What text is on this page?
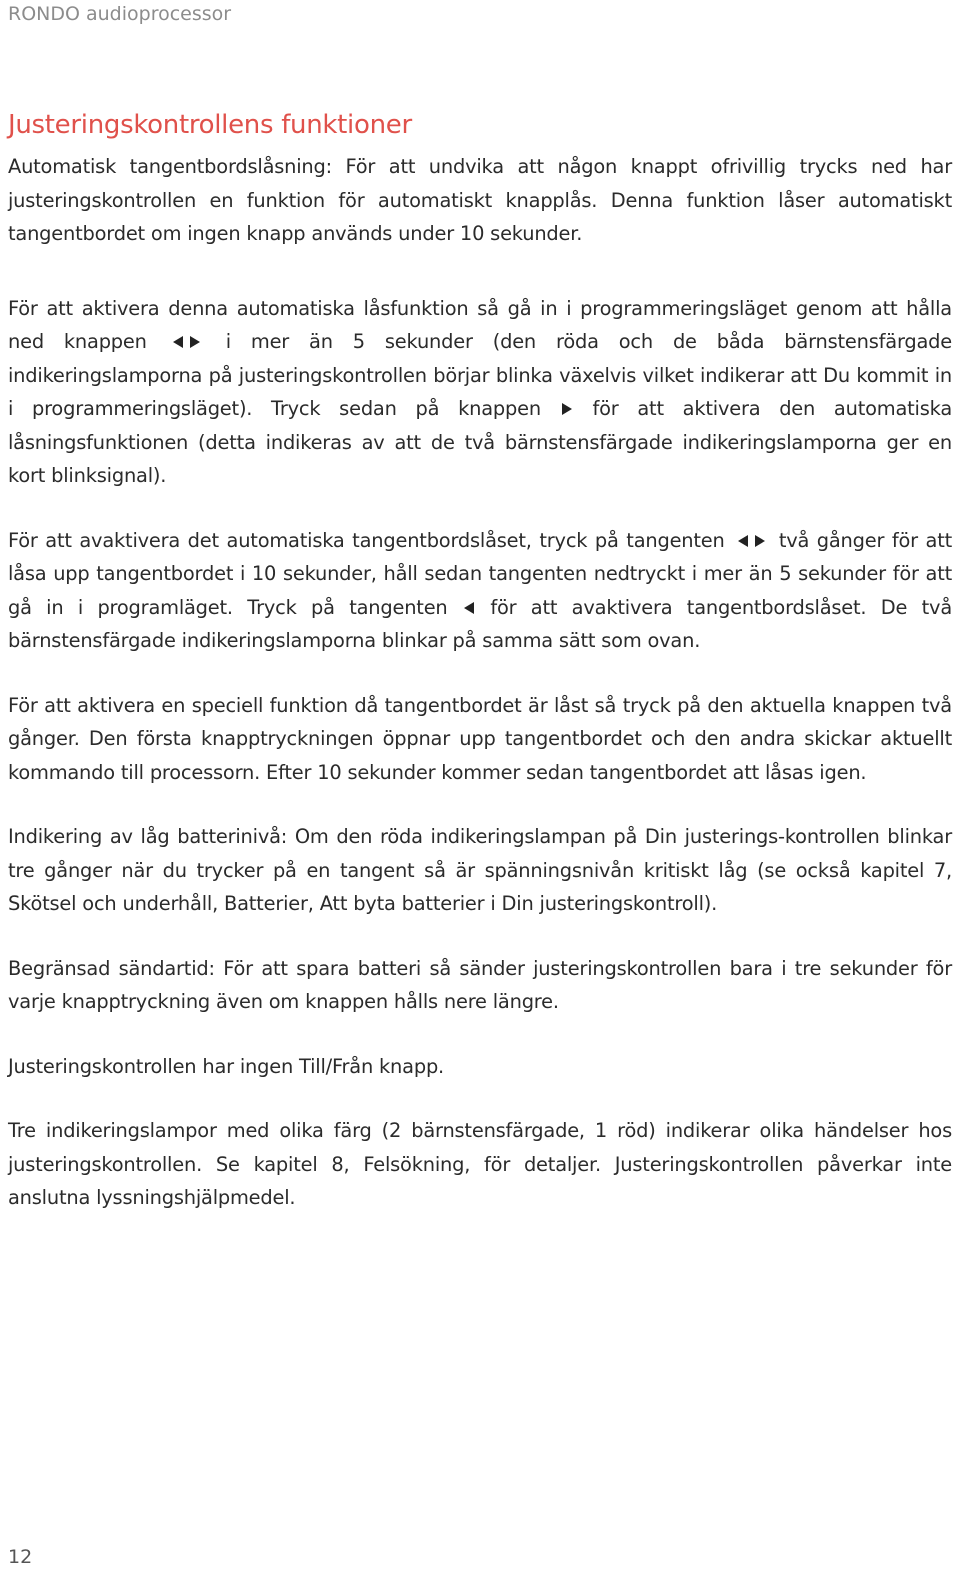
RONDO audioprocessor
Justeringskontrollens funktioner

Automatisk tangentbordslåsning: För att undvika att någon knappt ofrivillig trycks ned har justeringskontrollen en funktion för automatiskt knapplås. Denna funktion låser automatiskt tangentbordet om ingen knapp används under 10 sekunder.

För att aktivera denna automatiska låsfunktion så gå in i programmeringsläget genom att hålla ned knappen	i mer än 5 sekunder (den röda och de båda bärnstensfärgade indikeringslamporna på justeringskontrollen börjar blinka växelvis vilket indikerar att Du kommit in i programmeringsläget). Tryck sedan på knappen	för att aktivera den automatiska låsningsfunktionen (detta indikeras av att de två bärnstensfärgade indikeringslamporna ger en kort blinksignal).

För att avaktivera det automatiska tangentbordslåset, tryck på tangenten	två gånger för att låsa upp tangentbordet i 10 sekunder, håll sedan tangenten nedtryckt i mer än 5 sekunder för att gå in i programläget. Tryck på tangenten för att avaktivera tangentbordslåset. De två bärnstensfärgade indikeringslamporna blinkar på samma sätt som ovan.

För att aktivera en speciell funktion då tangentbordet är låst så tryck på den aktuella knappen två gånger. Den första knapptryckningen öppnar upp tangentbordet och den andra skickar aktuellt kommando till processorn. Efter 10 sekunder kommer sedan tangentbordet att låsas igen.

Indikering av låg batterinivå: Om den röda indikeringslampan på Din justerings-kontrollen blinkar tre gånger när du trycker på en tangent så är spänningsnivån kritiskt låg (se också kapitel 7, Skötsel och underhåll, Batterier, Att byta batterier i Din justeringskontroll).

Begränsad sändartid: För att spara batteri så sänder justeringskontrollen bara i tre sekunder för varje knapptryckning även om knappen hålls nere längre.

Justeringskontrollen har ingen Till/Från knapp.

Tre indikeringslampor med olika färg (2 bärnstensfärgade, 1 röd) indikerar olika händelser hos justeringskontrollen. Se kapitel 8, Felsökning, för detaljer. Justeringskontrollen påverkar inte anslutna lyssningshjälpmedel.

12
